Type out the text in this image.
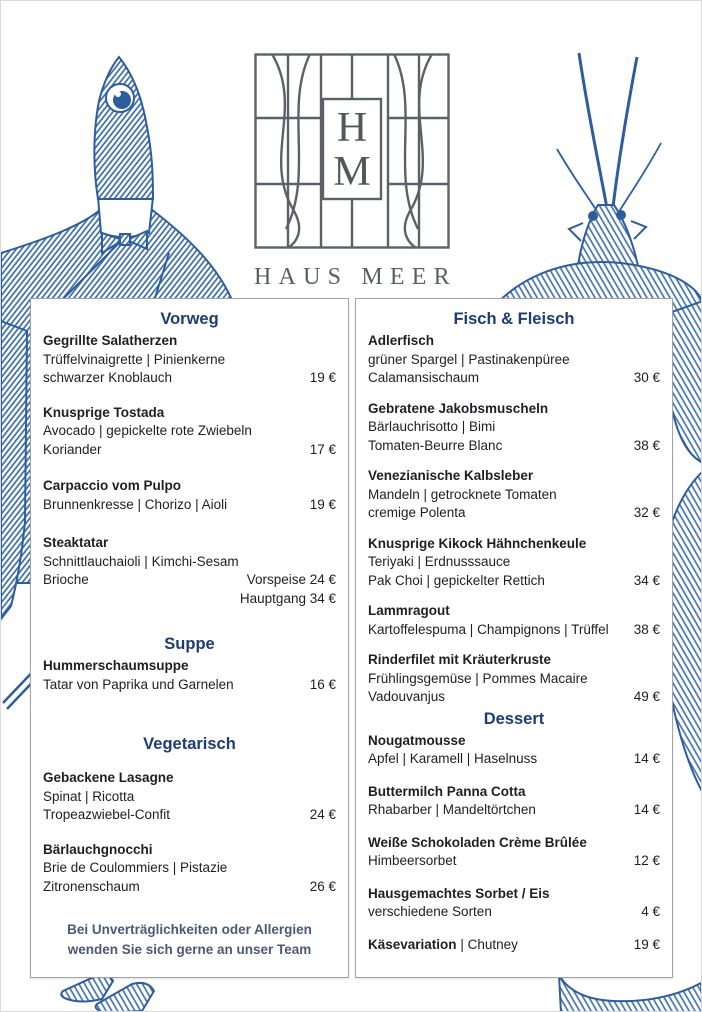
H
M
HAUS MEER
Vorweg
Gegrillte Salatherzen
Trüffelvinaigrette | Pinienkerne
schwarzer Knoblauch	19 €
Knusprige Tostada
Avocado | gepickelte rote Zwiebeln
Koriander	17 €
Carpaccio vom Pulpo
Brunnenkresse | Chorizo | Aioli	19 €
Steaktatar
Schnittlauchaioli | Kimchi-Sesam
Brioche	Vorspeise 24 €
Hauptgang 34 €
Suppe
Hummerschaumsuppe
Tatar von Paprika und Garnelen	16 €
Vegetarisch
Gebackene Lasagne
Spinat | Ricotta
Tropeazwiebel-Confit	24 €
Bärlauchgnocchi
Brie de Coulommiers | Pistazie
Zitronenschaum	26 €
Bei Unverträglichkeiten oder Allergien
wenden Sie sich gerne an unser Team
Fisch & Fleisch
Adlerfisch
grüner Spargel | Pastinakenpüree
Calamansischaum	30 €
Gebratene Jakobsmuscheln
Bärlauchrisotto | Bimi
Tomaten-Beurre Blanc	38 €
Venezianische Kalbsleber
Mandeln | getrocknete Tomaten
cremige Polenta	32 €
Knusprige Kikock Hähnchenkeule
Teriyaki | Erdnusssauce
Pak Choi | gepickelter Rettich	34 €
Lammragout
Kartoffelespuma | Champignons | Trüffel	38 €
Rinderfilet mit Kräuterkruste
Frühlingsgemüse | Pommes Macaire
Vadouvanjus	49 €
Dessert
Nougatmousse
Apfel | Karamell | Haselnuss	14 €
Buttermilch Panna Cotta
Rhabarber | Mandeltörtchen	14 €
Weiße Schokoladen Crème Brûlée
Himbeersorbet	12 €
Hausgemachtes Sorbet / Eis
verschiedene Sorten	4 €
Käsevariation | Chutney	19 €
